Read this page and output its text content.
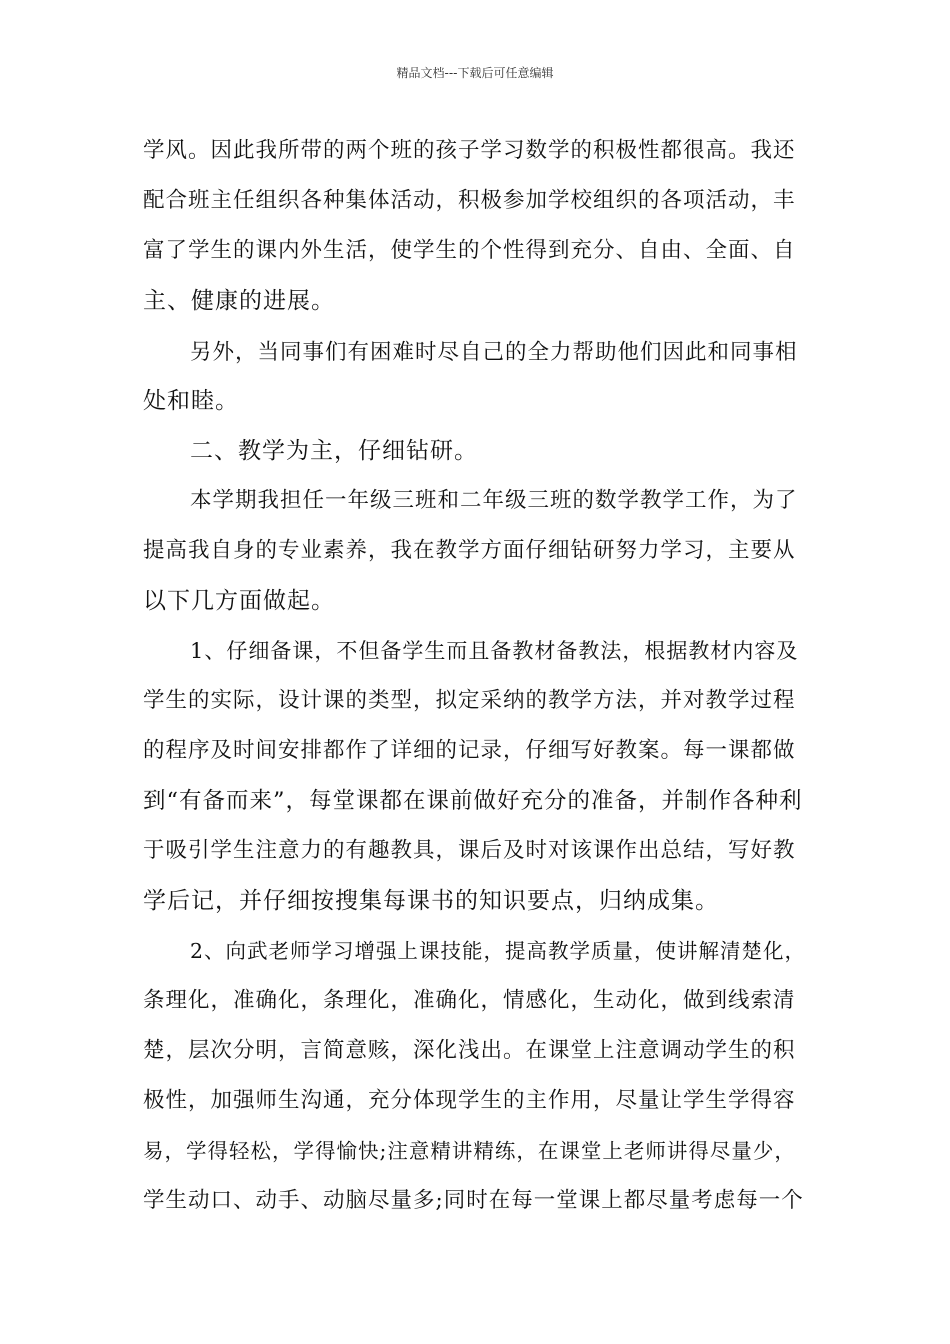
精品文档---下载后可任意编辑
学风。因此我所带的两个班的孩子学习数学的积极性都很高。我还
配合班主任组织各种集体活动，积极参加学校组织的各项活动，丰
富了学生的课内外生活，使学生的个性得到充分、自由、全面、自
主、健康的进展。
另外，当同事们有困难时尽自己的全力帮助他们因此和同事相
处和睦。
二、教学为主，仔细钻研。
本学期我担任一年级三班和二年级三班的数学教学工作，为了
提高我自身的专业素养，我在教学方面仔细钻研努力学习，主要从
以下几方面做起。
1、仔细备课，不但备学生而且备教材备教法，根据教材内容及
学生的实际，设计课的类型，拟定采纳的教学方法，并对教学过程
的程序及时间安排都作了详细的记录，仔细写好教案。每一课都做
到“有备而来”，每堂课都在课前做好充分的准备，并制作各种利
于吸引学生注意力的有趣教具，课后及时对该课作出总结，写好教
学后记，并仔细按搜集每课书的知识要点，归纳成集。
2、向武老师学习增强上课技能，提高教学质量，使讲解清楚化，
条理化，准确化，条理化，准确化，情感化，生动化，做到线索清
楚，层次分明，言简意赅，深化浅出。在课堂上注意调动学生的积
极性，加强师生沟通，充分体现学生的主作用，尽量让学生学得容
易，学得轻松，学得愉快;注意精讲精练，在课堂上老师讲得尽量少，
学生动口、动手、动脑尽量多;同时在每一堂课上都尽量考虑每一个
